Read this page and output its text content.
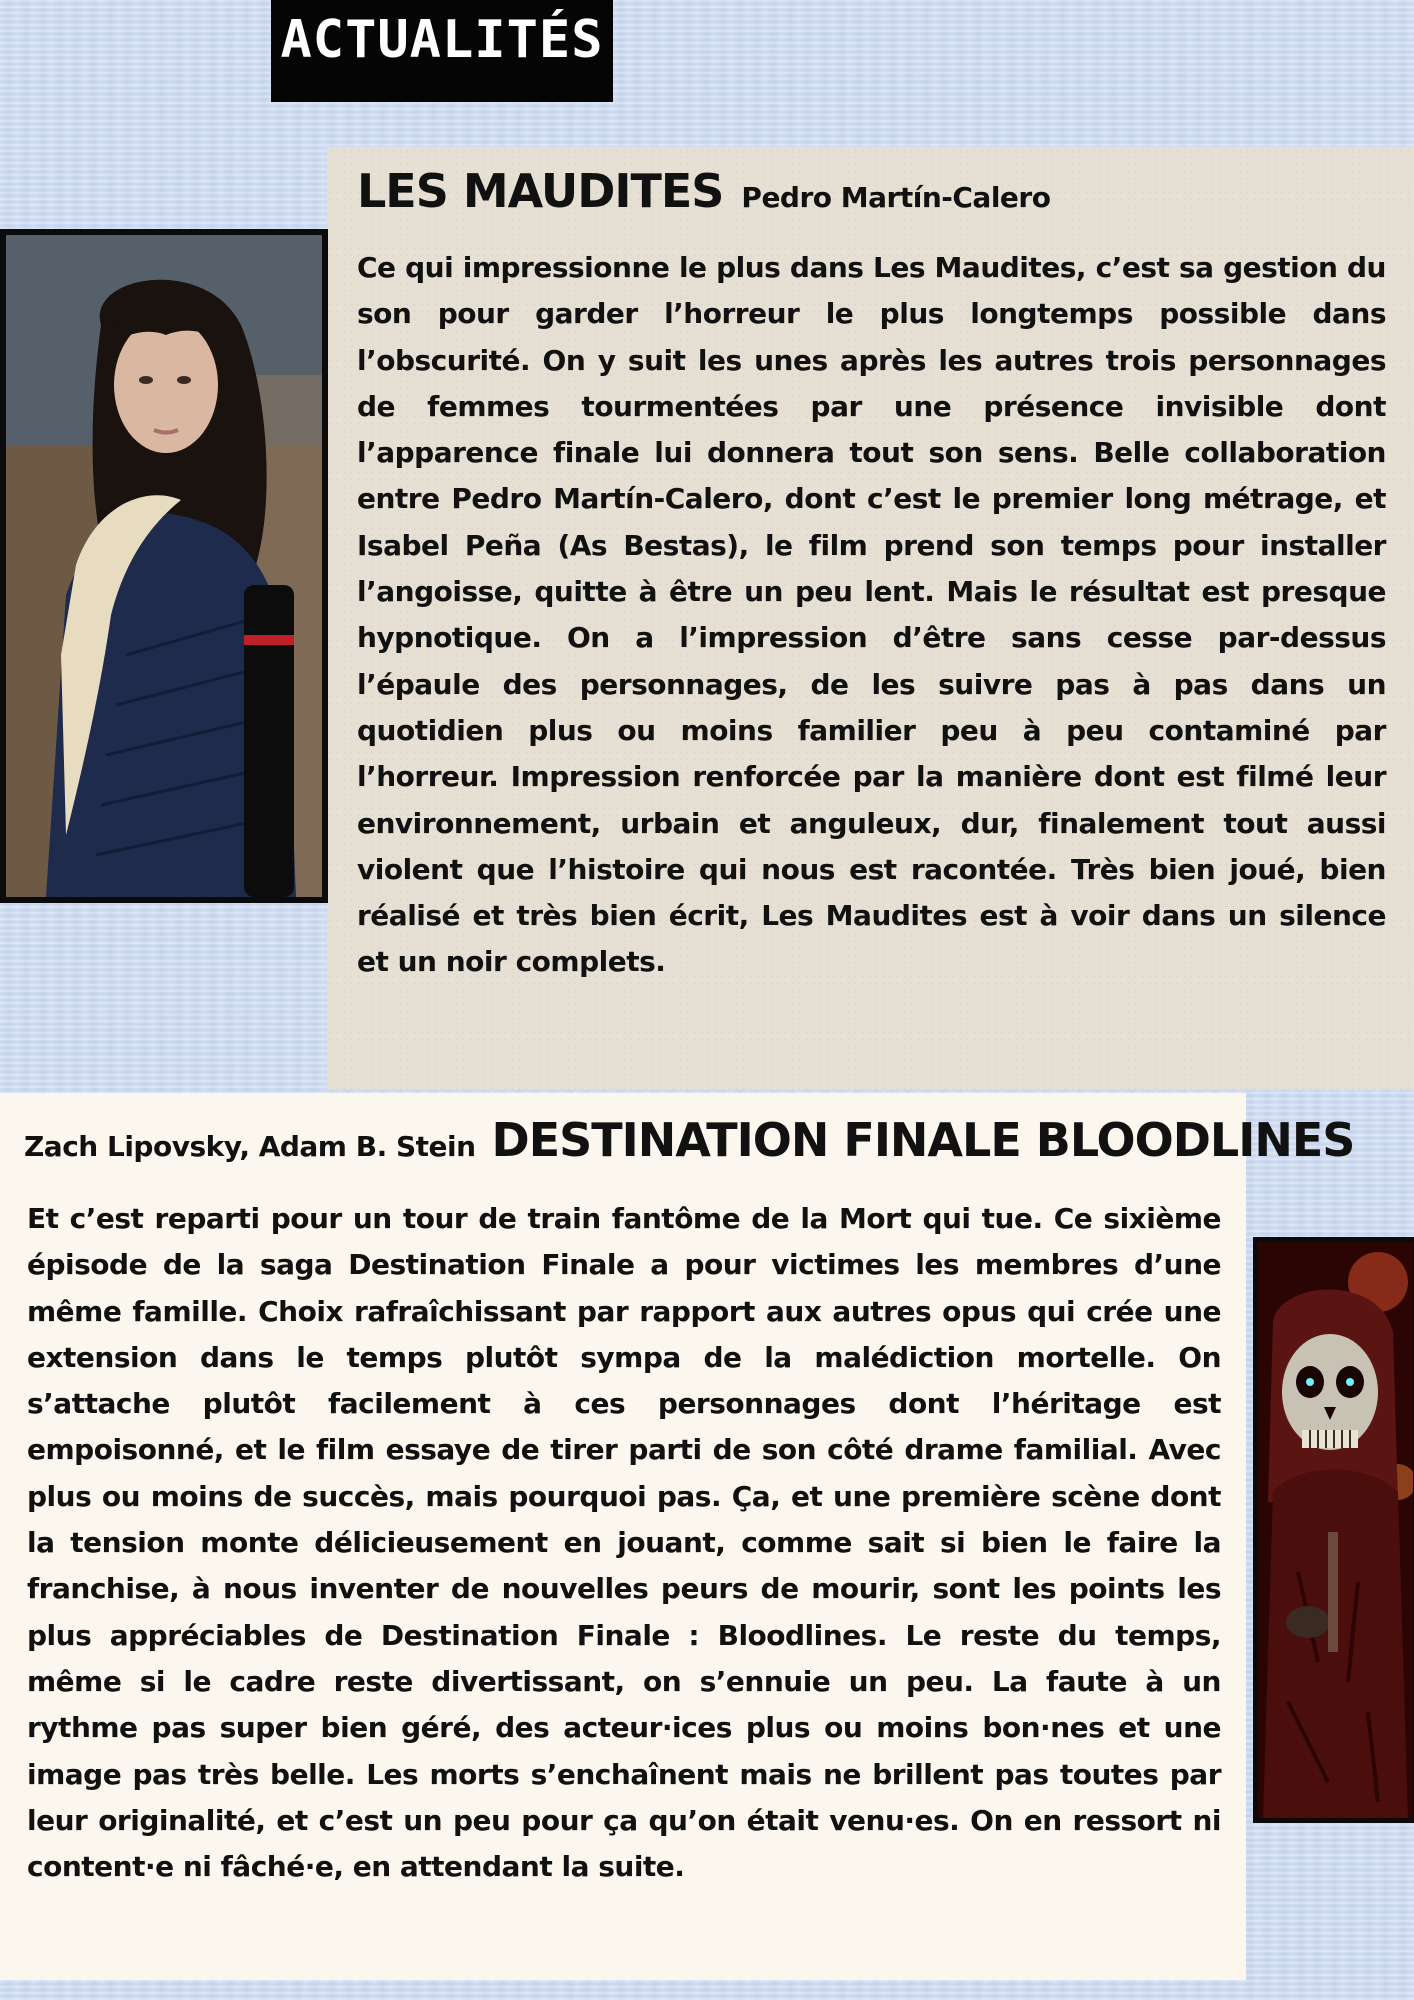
ACTUALITÉS
LES MAUDITES Pedro Martín-Calero

Ce qui impressionne le plus dans Les Maudites, c’est sa gestion du son pour garder l’horreur le plus longtemps possible dans l’obscurité. On y suit les unes après les autres trois personnages de femmes tourmentées par une présence invisible dont l’apparence finale lui donnera tout son sens. Belle collaboration entre Pedro Martín-Calero, dont c’est le premier long métrage, et Isabel Peña (As Bestas), le film prend son temps pour installer l’angoisse, quitte à être un peu lent. Mais le résultat est presque hypnotique. On a l’impression d’être sans cesse par-dessus l’épaule des personnages, de les suivre pas à pas dans un quotidien plus ou moins familier peu à peu contaminé par l’horreur. Impression renforcée par la manière dont est filmé leur environnement, urbain et anguleux, dur, finalement tout aussi violent que l’histoire qui nous est racontée. Très bien joué, bien réalisé et très bien écrit, Les Maudites est à voir dans un silence et un noir complets.

Zach Lipovsky, Adam B. Stein DESTINATION FINALE BLOODLINES

Et c’est reparti pour un tour de train fantôme de la Mort qui tue. Ce sixième épisode de la saga Destination Finale a pour victimes les membres d’une même famille. Choix rafraîchissant par rapport aux autres opus qui crée une extension dans le temps plutôt sympa de la malédiction mortelle. On s’attache plutôt facilement à ces personnages dont l’héritage est empoisonné, et le film essaye de tirer parti de son côté drame familial. Avec plus ou moins de succès, mais pourquoi pas. Ça, et une première scène dont la tension monte délicieusement en jouant, comme sait si bien le faire la franchise, à nous inventer de nouvelles peurs de mourir, sont les points les plus appréciables de Destination Finale : Bloodlines. Le reste du temps, même si le cadre reste divertissant, on s’ennuie un peu. La faute à un rythme pas super bien géré, des acteur·ices plus ou moins bon·nes et une image pas très belle. Les morts s’enchaînent mais ne brillent pas toutes par leur originalité, et c’est un peu pour ça qu’on était venu·es. On en ressort ni content·e ni fâché·e, en attendant la suite.
